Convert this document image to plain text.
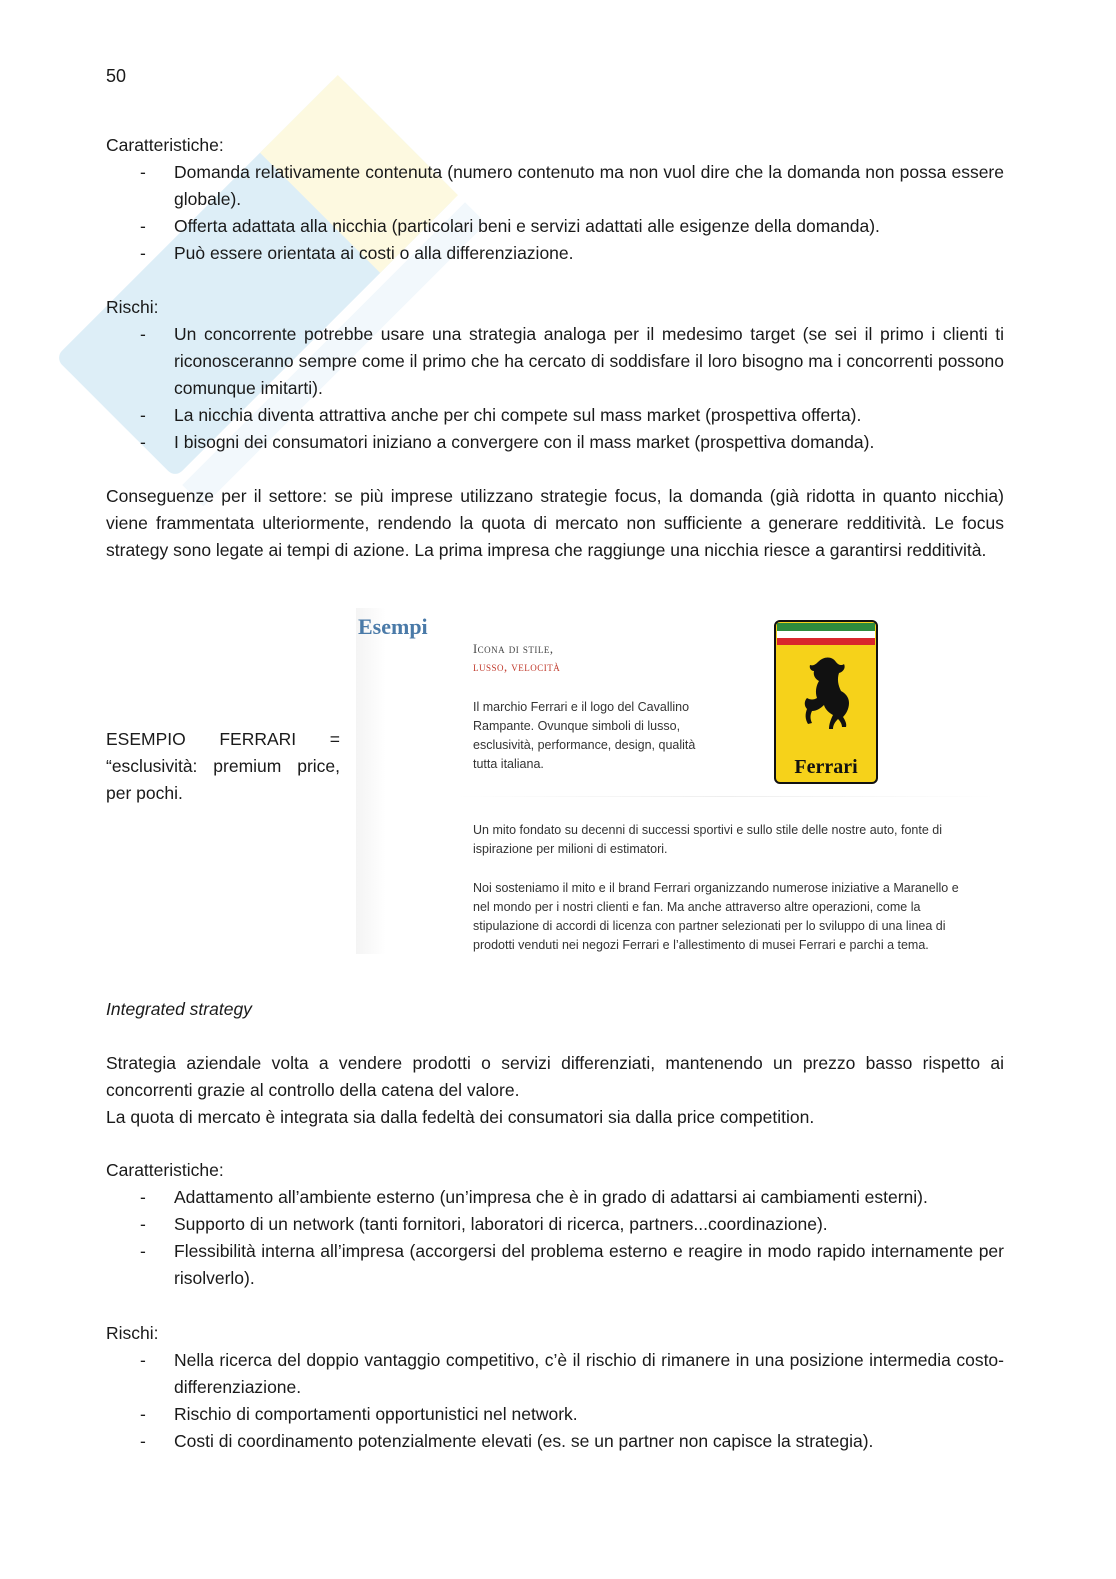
50

Caratteristiche:

- Domanda relativamente contenuta (numero contenuto ma non vuol dire che la domanda non possa essere globale).
- Offerta adattata alla nicchia (particolari beni e servizi adattati alle esigenze della domanda).
- Può essere orientata ai costi o alla differenziazione.

Rischi:

- Un concorrente potrebbe usare una strategia analoga per il medesimo target (se sei il primo i clienti ti riconosceranno sempre come il primo che ha cercato di soddisfare il loro bisogno ma i concorrenti possono comunque imitarti).
- La nicchia diventa attrattiva anche per chi compete sul mass market (prospettiva offerta).
- I bisogni dei consumatori iniziano a convergere con il mass market (prospettiva domanda).

Conseguenze per il settore: se più imprese utilizzano strategie focus, la domanda (già ridotta in quanto nicchia) viene frammentata ulteriormente, rendendo la quota di mercato non sufficiente a generare redditività. Le focus strategy sono legate ai tempi di azione. La prima impresa che raggiunge una nicchia riesce a garantirsi redditività.

ESEMPIO FERRARI =
“esclusività: premium price, per pochi.
Esempi
Icona di stile,
lusso, velocità
Il marchio Ferrari e il logo del Cavallino Rampante. Ovunque simboli di lusso, esclusività, performance, design, qualità tutta italiana.	Ferrari
Un mito fondato su decenni di successi sportivi e sullo stile delle nostre auto, fonte di ispirazione per milioni di estimatori.
Noi sosteniamo il mito e il brand Ferrari organizzando numerose iniziative a Maranello e nel mondo per i nostri clienti e fan. Ma anche attraverso altre operazioni, come la stipulazione di accordi di licenza con partner selezionati per lo sviluppo di una linea di prodotti venduti nei negozi Ferrari e l’allestimento di musei Ferrari e parchi a tema.

Integrated strategy

Strategia aziendale volta a vendere prodotti o servizi differenziati, mantenendo un prezzo basso rispetto ai concorrenti grazie al controllo della catena del valore.

La quota di mercato è integrata sia dalla fedeltà dei consumatori sia dalla price competition.

Caratteristiche:

- Adattamento all’ambiente esterno (un’impresa che è in grado di adattarsi ai cambiamenti esterni).
- Supporto di un network (tanti fornitori, laboratori di ricerca, partners...coordinazione).
- Flessibilità interna all’impresa (accorgersi del problema esterno e reagire in modo rapido internamente per risolverlo).

Rischi:

- Nella ricerca del doppio vantaggio competitivo, c’è il rischio di rimanere in una posizione intermedia costo-differenziazione.
- Rischio di comportamenti opportunistici nel network.
- Costi di coordinamento potenzialmente elevati (es. se un partner non capisce la strategia).
